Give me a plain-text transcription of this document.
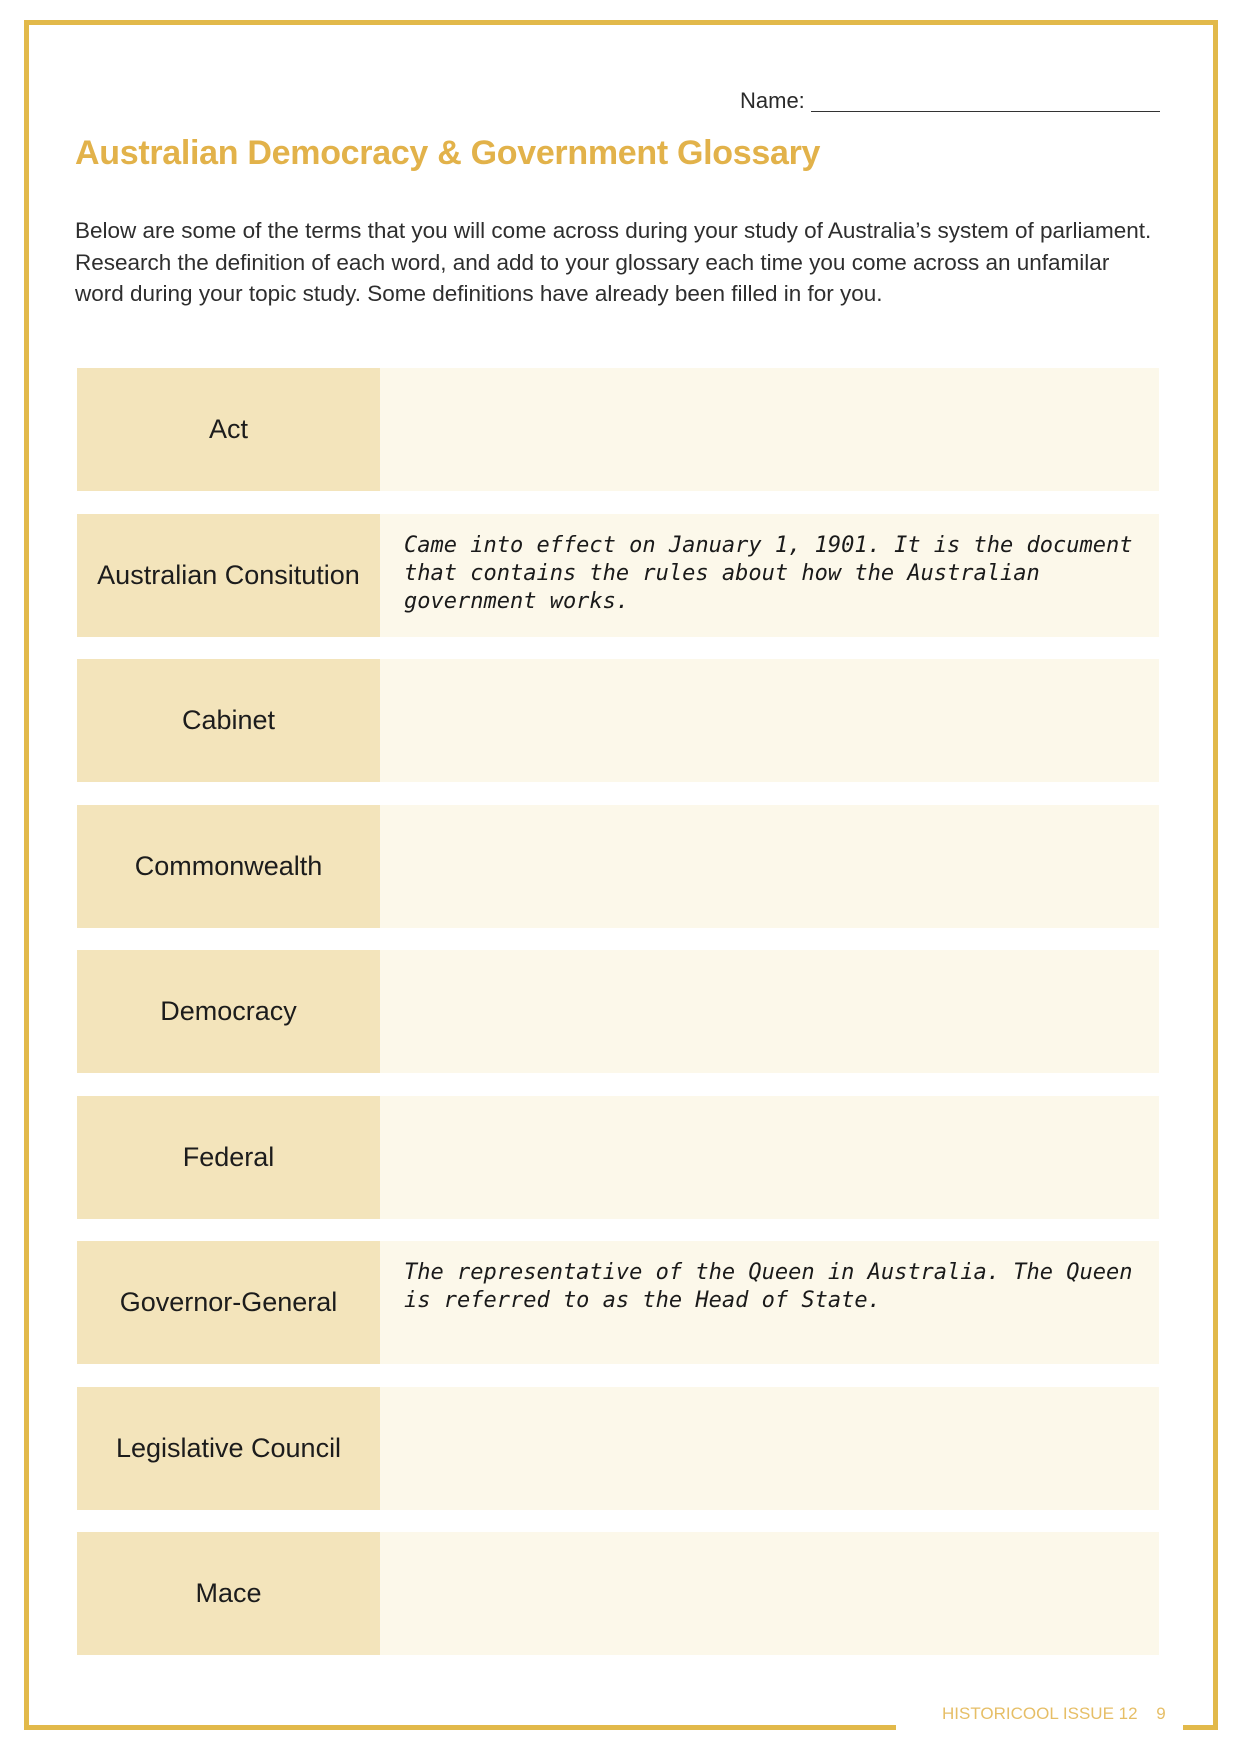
Name:
Australian Democracy & Government Glossary

Below are some of the terms that you will come across during your study of Australia’s system of parliament. Research the definition of each word, and add to your glossary each time you come across an unfamilar word during your topic study. Some definitions have already been filled in for you.

Act
Australian Consitution
Came into effect on January 1, 1901. It is the document that contains the rules about how the Australian government works.
Cabinet
Commonwealth
Democracy
Federal
Governor-General
The representative of the Queen in Australia. The Queen is referred to as the Head of State.
Legislative Council
Mace

HISTORICOOL ISSUE 12 9
